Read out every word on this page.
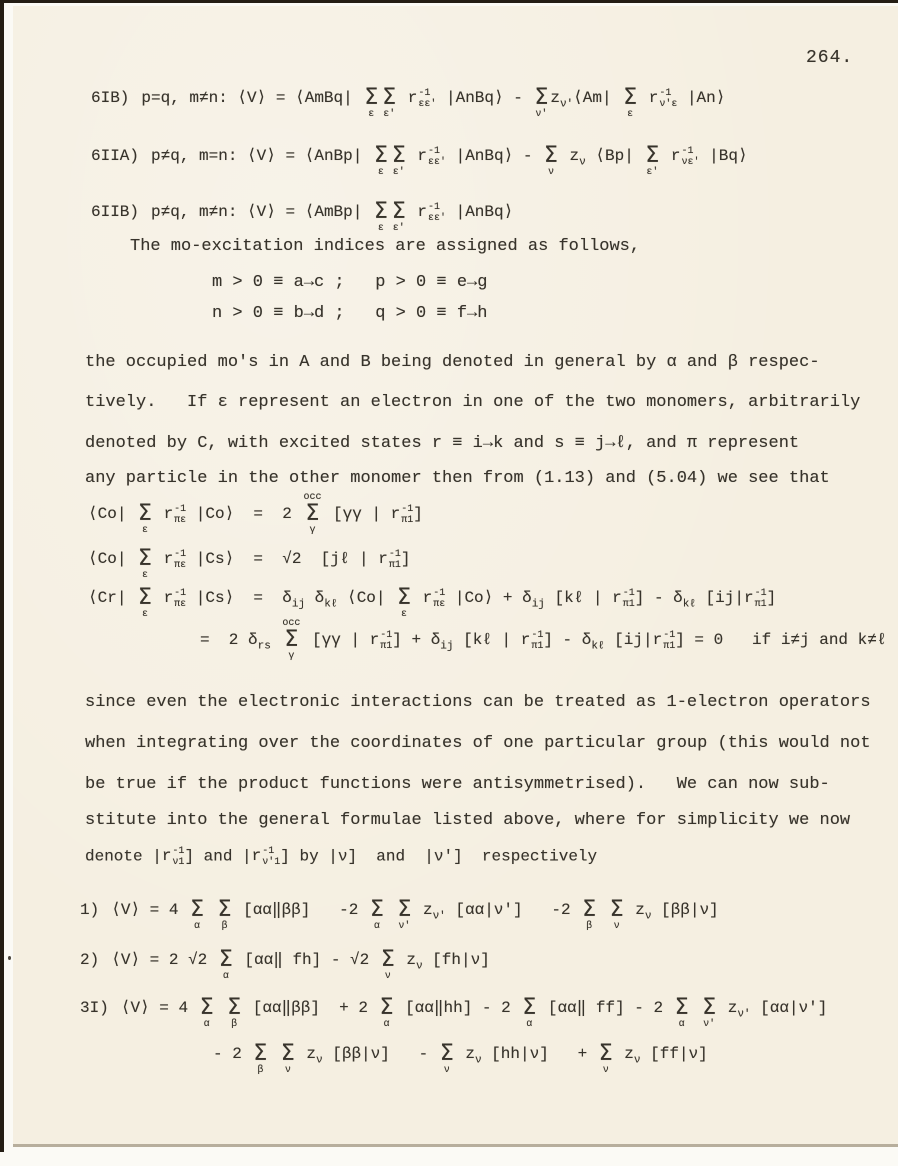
264.
6IB) p=q, m≠n: ⟨V⟩ = ⟨AmBq| Σ
ε
Σ
ε′
r -1
εε′ |AnBq⟩ - Σ
ν′
$z_{\nu'}⟨Am|$ Σ
ε
r -1
ν′ε |An⟩
6IIA) p≠q, m=n: ⟨V⟩ = ⟨AnBp| Σ
ε
Σ
ε′
r -1
εε′ |AnBq⟩ - Σ
ν
$z_\nu$ ⟨Bp| Σ
ε′
r -1
νε′ |Bq⟩
6IIB) p≠q, m≠n: ⟨V⟩ = ⟨AmBp| Σ
ε
Σ
ε′
r -1
εε′ |AnBq⟩
The mo-excitation indices are assigned as follows,
m > 0 ≡ a→c ;   p > 0 ≡ e→g
n > 0 ≡ b→d ;   q > 0 ≡ f→h
the occupied mo's in A and B being denoted in general by α and β respec-
tively.   If ε represent an electron in one of the two monomers, arbitrarily
denoted by C, with excited states r ≡ i→k and s ≡ j→ℓ, and π represent
any particle in the other monomer then from (1.13) and (5.04) we see that
⟨Co| Σ
ε
r -1
πε |Co⟩  =  2
occ
Σ
γ
[γγ | r -1
π1 ]
⟨Co| Σ
ε
r -1
πε |Cs⟩  =  √2  [jℓ | r -1
π1 ]
⟨Cr| Σ
ε
r -1
πε |Cs⟩  =  $\delta_{ij}$ $\delta_{k\ell}$ ⟨Co| Σ
ε
r -1
πε |Co⟩ + $\delta_{ij}$ [kℓ | r -1
π1 ] - $\delta_{k\ell}$ [ij|r -1
π1 ]
=  2 $\delta_{rs}$
occ
Σ
γ
[γγ | r -1
π1 ] + $\delta_{ij}$ [kℓ | r -1
π1 ] - $\delta_{k\ell}$ [ij|r -1
π1 ] = 0   if i≠j and k≠ℓ
since even the electronic interactions can be treated as 1-electron operators
when integrating over the coordinates of one particular group (this would not
be true if the product functions were antisymmetrised).   We can now sub-
stitute into the general formulae listed above, where for simplicity we now
denote |r -1
ν1 ] and |r -1
ν′1 ] by |ν]  and  |ν′]  respectively
1) ⟨V⟩ = 4 Σ
α

Σ
β
[αα‖ββ]   -2 Σ
α

Σ
ν′
$z_{\nu'}$ [αα|ν′]   -2 Σ
β

Σ
ν
$z_\nu$ [ββ|ν]
2) ⟨V⟩ = 2 √2 Σ
α
[αα‖ fh] - √2 Σ
ν
$z_\nu$ [fh|ν]
3I) ⟨V⟩ = 4 Σ
α

Σ
β
[αα‖ββ]  + 2 Σ
α
[αα‖hh] - 2 Σ
α
[αα‖ ff] - 2 Σ
α

Σ
ν′
$z_{\nu'}$ [αα|ν′]
- 2 Σ
β

Σ
ν
$z_\nu$ [ββ|ν]   - Σ
ν
$z_\nu$ [hh|ν]   + Σ
ν
$z_\nu$ [ff|ν]
